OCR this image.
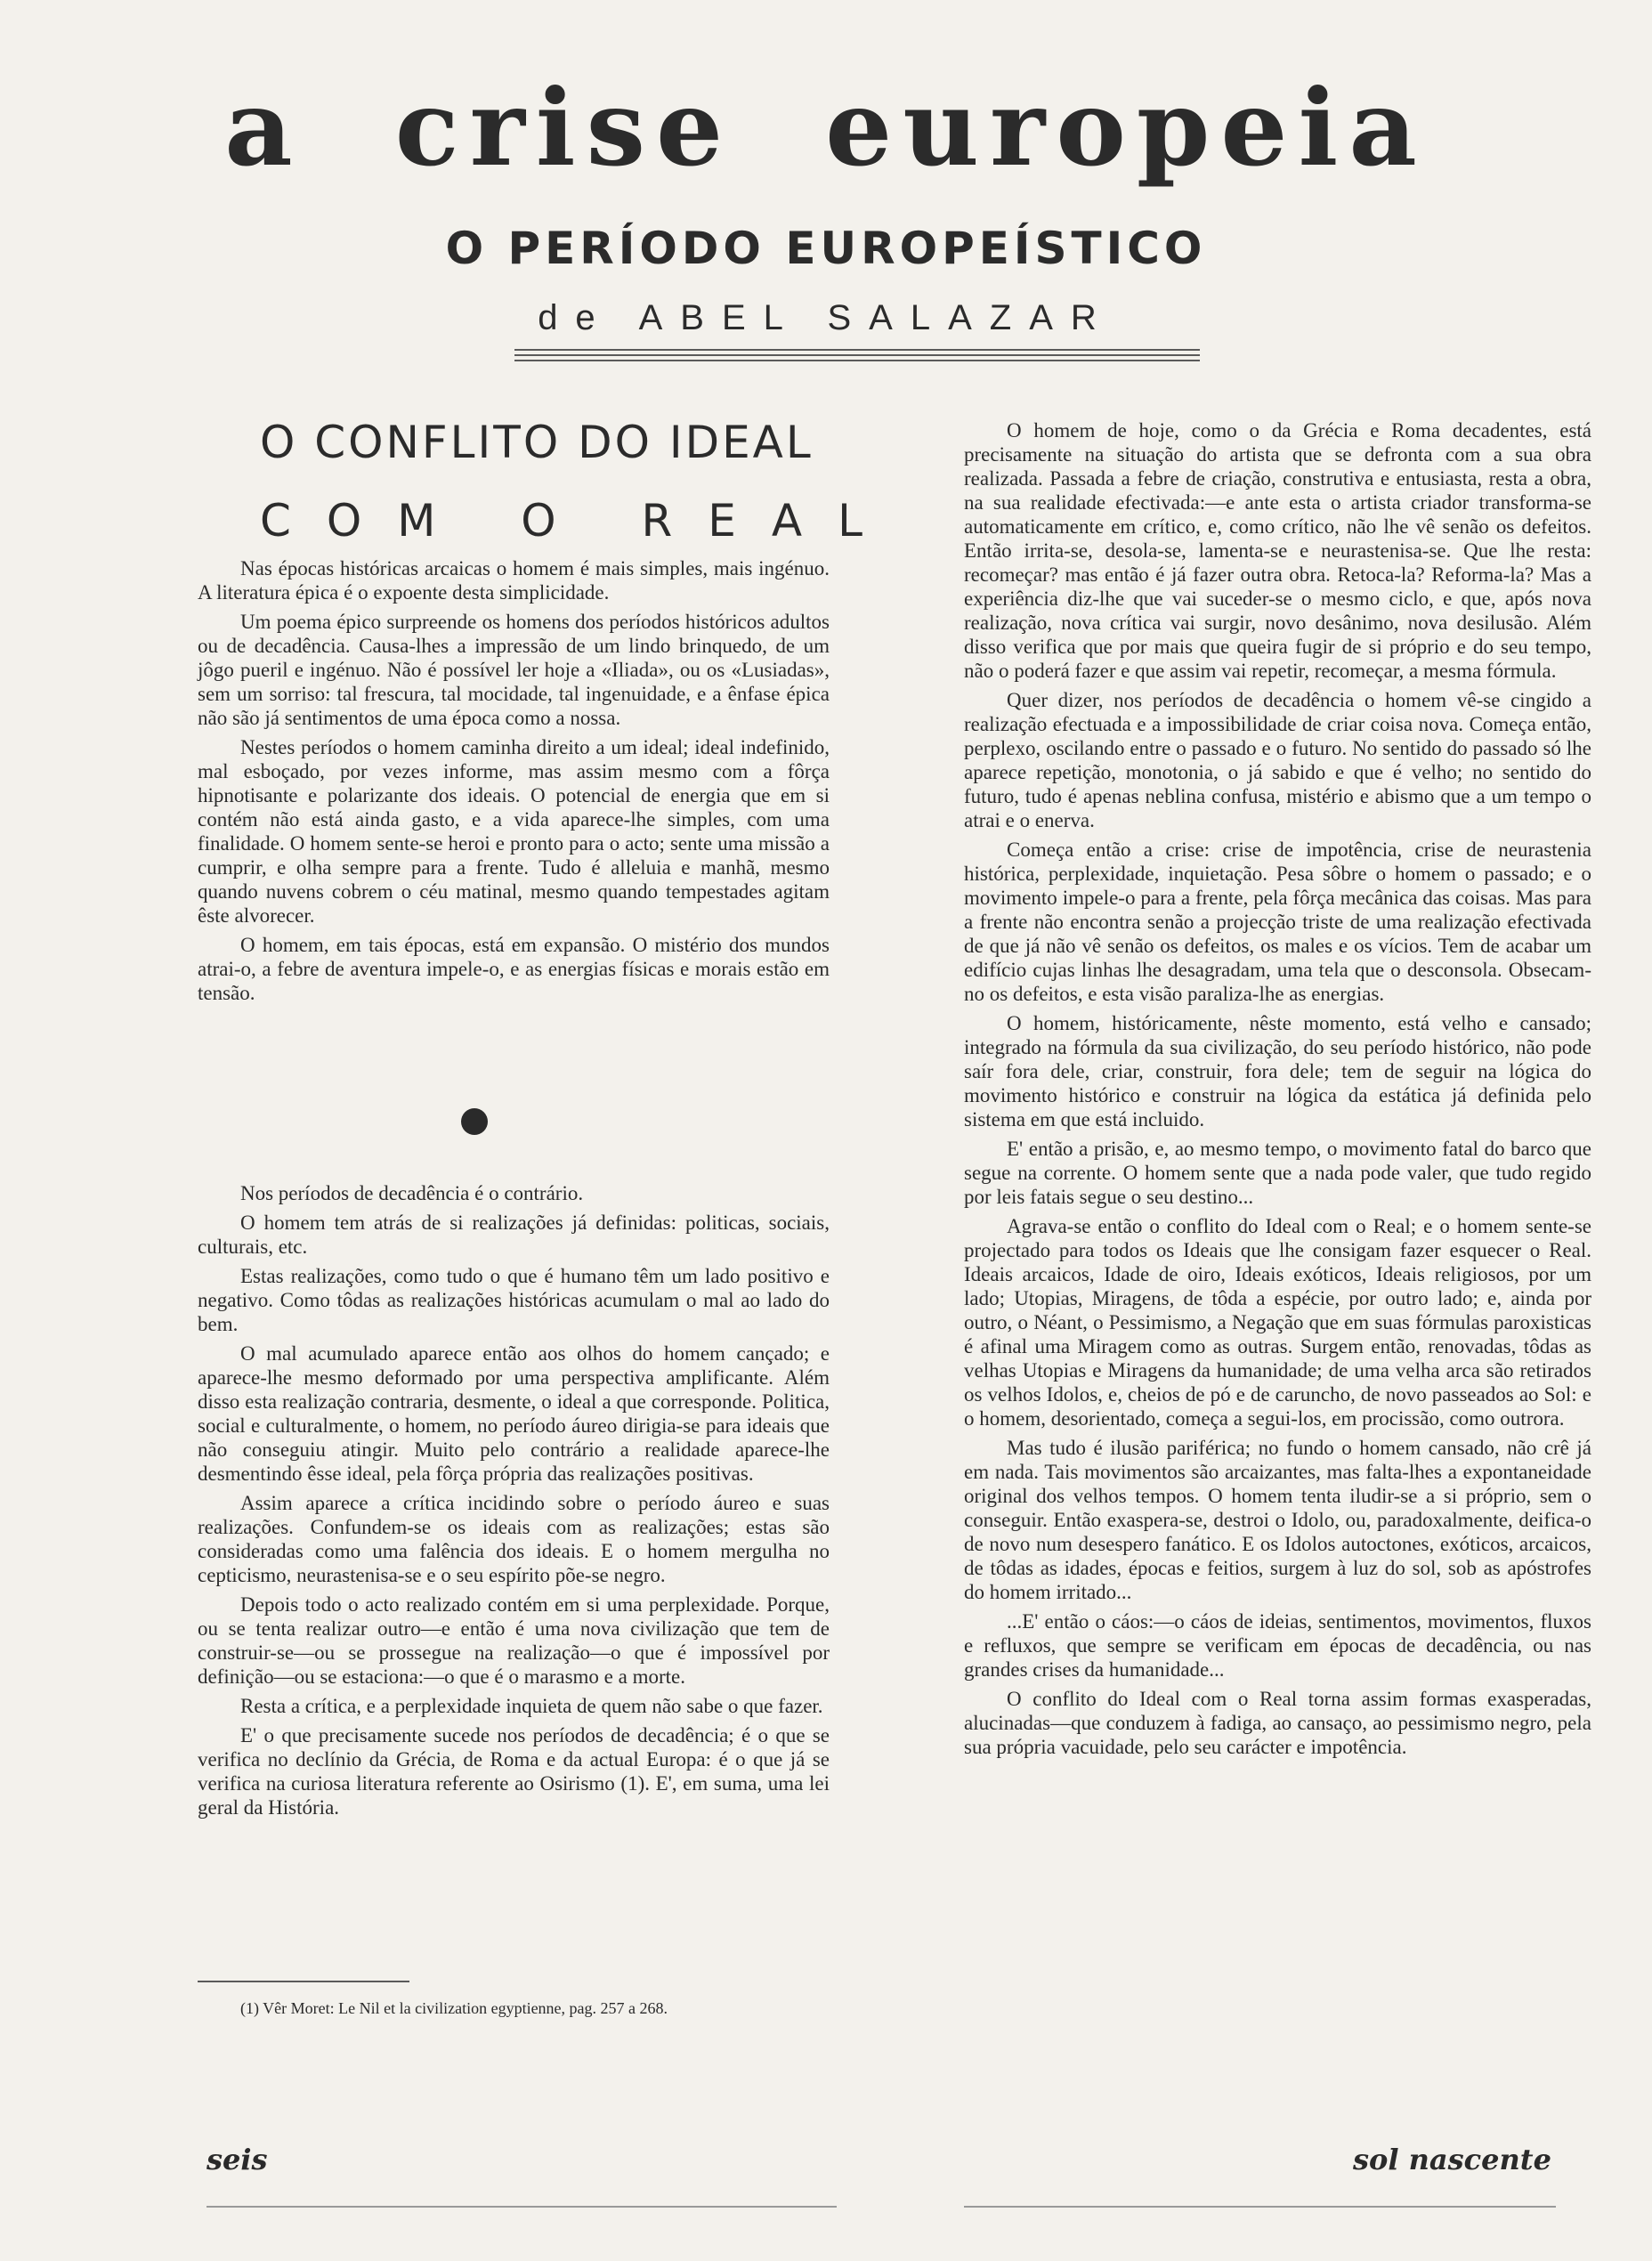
a crise europeia
O PERÍODO EUROPEÍSTICO

de ABEL SALAZAR

O CONFLITO DO IDEAL
COM O REAL

Nas épocas históricas arcaicas o homem é mais simples, mais ingénuo. A literatura épica é o expoente desta simplicidade.

Um poema épico surpreende os homens dos períodos históricos adultos ou de decadência. Causa-lhes a impressão de um lindo brinquedo, de um jôgo pueril e ingénuo. Não é possível ler hoje a «Iliada», ou os «Lusiadas», sem um sorriso: tal frescura, tal mocidade, tal ingenuidade, e a ênfase épica não são já sentimentos de uma época como a nossa.

Nestes períodos o homem caminha direito a um ideal; ideal indefinido, mal esboçado, por vezes informe, mas assim mesmo com a fôrça hipnotisante e polarizante dos ideais. O potencial de energia que em si contém não está ainda gasto, e a vida aparece-lhe simples, com uma finalidade. O homem sente-se heroi e pronto para o acto; sente uma missão a cumprir, e olha sempre para a frente. Tudo é alleluia e manhã, mesmo quando nuvens cobrem o céu matinal, mesmo quando tempestades agitam êste alvorecer.

O homem, em tais épocas, está em expansão. O mistério dos mundos atrai-o, a febre de aventura impele-o, e as energias físicas e morais estão em tensão.

Nos períodos de decadência é o contrário.

O homem tem atrás de si realizações já definidas: politicas, sociais, culturais, etc.

Estas realizações, como tudo o que é humano têm um lado positivo e negativo. Como tôdas as realizações históricas acumulam o mal ao lado do bem.

O mal acumulado aparece então aos olhos do homem cançado; e aparece-lhe mesmo deformado por uma perspectiva amplificante. Além disso esta realização contraria, desmente, o ideal a que corresponde. Politica, social e culturalmente, o homem, no período áureo dirigia-se para ideais que não conseguiu atingir. Muito pelo contrário a realidade aparece-lhe desmentindo êsse ideal, pela fôrça própria das realizações positivas.

Assim aparece a crítica incidindo sobre o período áureo e suas realizações. Confundem-se os ideais com as realizações; estas são consideradas como uma falência dos ideais. E o homem mergulha no cepticismo, neurastenisa-se e o seu espírito põe-se negro.

Depois todo o acto realizado contém em si uma perplexidade. Porque, ou se tenta realizar outro—e então é uma nova civilização que tem de construir-se—ou se prossegue na realização—o que é impossível por definição—ou se estaciona:—o que é o marasmo e a morte.

Resta a crítica, e a perplexidade inquieta de quem não sabe o que fazer.

E' o que precisamente sucede nos períodos de decadência; é o que se verifica no declínio da Grécia, de Roma e da actual Europa: é o que já se verifica na curiosa literatura referente ao Osirismo (1). E', em suma, uma lei geral da História.

(1) Vêr Moret: Le Nil et la civilization egyptienne, pag. 257 a 268.

O homem de hoje, como o da Grécia e Roma decadentes, está precisamente na situação do artista que se defronta com a sua obra realizada. Passada a febre de criação, construtiva e entusiasta, resta a obra, na sua realidade efectivada:—e ante esta o artista criador transforma-se automaticamente em crítico, e, como crítico, não lhe vê senão os defeitos. Então irrita-se, desola-se, lamenta-se e neurastenisa-se. Que lhe resta: recomeçar? mas então é já fazer outra obra. Retoca-la? Reforma-la? Mas a experiência diz-lhe que vai suceder-se o mesmo ciclo, e que, após nova realização, nova crítica vai surgir, novo desânimo, nova desilusão. Além disso verifica que por mais que queira fugir de si próprio e do seu tempo, não o poderá fazer e que assim vai repetir, recomeçar, a mesma fórmula.

Quer dizer, nos períodos de decadência o homem vê-se cingido a realização efectuada e a impossibilidade de criar coisa nova. Começa então, perplexo, oscilando entre o passado e o futuro. No sentido do passado só lhe aparece repetição, monotonia, o já sabido e que é velho; no sentido do futuro, tudo é apenas neblina confusa, mistério e abismo que a um tempo o atrai e o enerva.

Começa então a crise: crise de impotência, crise de neurastenia histórica, perplexidade, inquietação. Pesa sôbre o homem o passado; e o movimento impele-o para a frente, pela fôrça mecânica das coisas. Mas para a frente não encontra senão a projecção triste de uma realização efectivada de que já não vê senão os defeitos, os males e os vícios. Tem de acabar um edifício cujas linhas lhe desagradam, uma tela que o desconsola. Obsecam-no os defeitos, e esta visão paraliza-lhe as energias.

O homem, históricamente, nêste momento, está velho e cansado; integrado na fórmula da sua civilização, do seu período histórico, não pode saír fora dele, criar, construir, fora dele; tem de seguir na lógica do movimento histórico e construir na lógica da estática já definida pelo sistema em que está incluido.

E' então a prisão, e, ao mesmo tempo, o movimento fatal do barco que segue na corrente. O homem sente que a nada pode valer, que tudo regido por leis fatais segue o seu destino...

Agrava-se então o conflito do Ideal com o Real; e o homem sente-se projectado para todos os Ideais que lhe consigam fazer esquecer o Real. Ideais arcaicos, Idade de oiro, Ideais exóticos, Ideais religiosos, por um lado; Utopias, Miragens, de tôda a espécie, por outro lado; e, ainda por outro, o Néant, o Pessimismo, a Negação que em suas fórmulas paroxisticas é afinal uma Miragem como as outras. Surgem então, renovadas, tôdas as velhas Utopias e Miragens da humanidade; de uma velha arca são retirados os velhos Idolos, e, cheios de pó e de caruncho, de novo passeados ao Sol: e o homem, desorientado, começa a segui-los, em procissão, como outrora.

Mas tudo é ilusão pariférica; no fundo o homem cansado, não crê já em nada. Tais movimentos são arcaizantes, mas falta-lhes a expontaneidade original dos velhos tempos. O homem tenta iludir-se a si próprio, sem o conseguir. Então exaspera-se, destroi o Idolo, ou, paradoxalmente, deifica-o de novo num desespero fanático. E os Idolos autoctones, exóticos, arcaicos, de tôdas as idades, épocas e feitios, surgem à luz do sol, sob as apóstrofes do homem irritado...

...E' então o cáos:—o cáos de ideias, sentimentos, movimentos, fluxos e refluxos, que sempre se verificam em épocas de decadência, ou nas grandes crises da humanidade...

O conflito do Ideal com o Real torna assim formas exasperadas, alucinadas—que conduzem à fadiga, ao cansaço, ao pessimismo negro, pela sua própria vacuidade, pelo seu carácter e impotência.

seis	sol nascente
